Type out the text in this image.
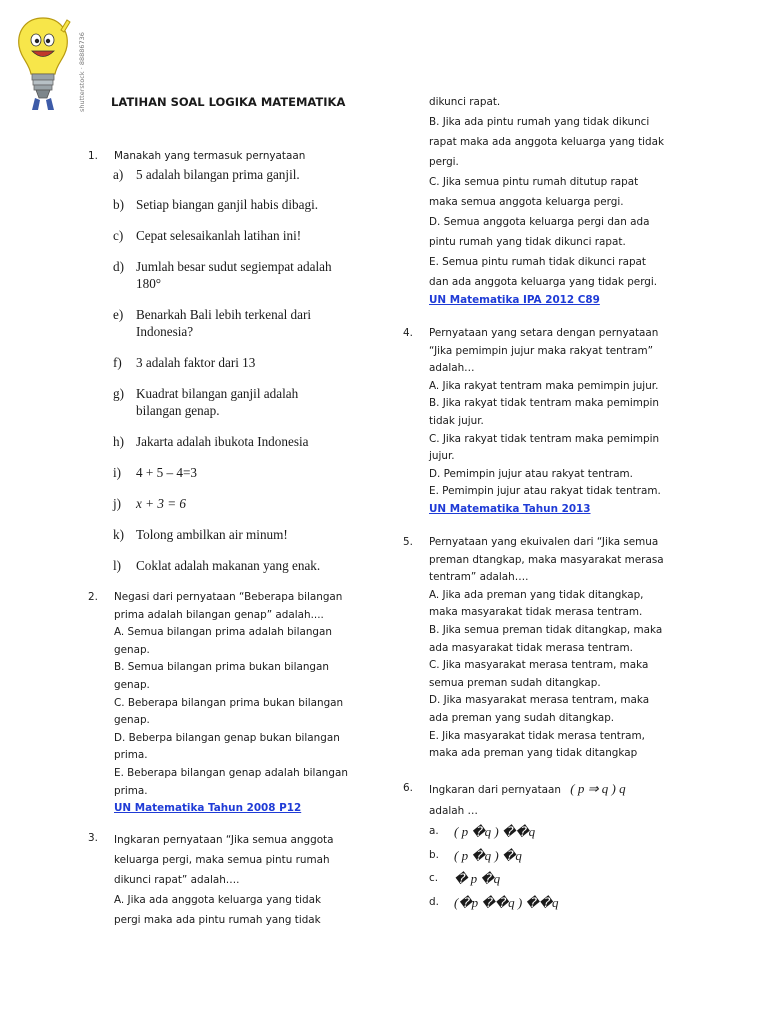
shutterstock · 88886736 LATIHAN SOAL LOGIKA MATEMATIKA
1. Manakah yang termasuk pernyataan
a) 5 adalah bilangan prima ganjil.
b) Setiap biangan ganjil habis dibagi.
c) Cepat selesaikanlah latihan ini!
d) Jumlah besar sudut segiempat adalah
180°
e) Benarkah Bali lebih terkenal dari
Indonesia?
f) 3 adalah faktor dari 13
g) Kuadrat bilangan ganjil adalah
bilangan genap.
h) Jakarta adalah ibukota Indonesia
i) 4 + 5 – 4=3
j) x + 3 = 6
k) Tolong ambilkan air minum!
l) Coklat adalah makanan yang enak.
2. Negasi dari pernyataan “Beberapa bilangan
prima adalah bilangan genap” adalah....
A. Semua bilangan prima adalah bilangan
genap.
B. Semua bilangan prima bukan bilangan
genap.
C. Beberapa bilangan prima bukan bilangan
genap.
D. Beberpa bilangan genap bukan bilangan
prima.
E. Beberapa bilangan genap adalah bilangan
prima.
UN Matematika Tahun 2008 P12
3. Ingkaran pernyataan “Jika semua anggota
keluarga pergi, maka semua pintu rumah
dikunci rapat” adalah….
A. Jika ada anggota keluarga yang tidak
pergi maka ada pintu rumah yang tidak
dikunci rapat.
B. Jika ada pintu rumah yang tidak dikunci
rapat maka ada anggota keluarga yang tidak
pergi.
C. Jika semua pintu rumah ditutup rapat
maka semua anggota keluarga pergi.
D. Semua anggota keluarga pergi dan ada
pintu rumah yang tidak dikunci rapat.
E. Semua pintu rumah tidak dikunci rapat
dan ada anggota keluarga yang tidak pergi.
UN Matematika IPA 2012 C89
4. Pernyataan yang setara dengan pernyataan
“Jika pemimpin jujur maka rakyat tentram”
adalah…
A. Jika rakyat tentram maka pemimpin jujur.
B. Jika rakyat tidak tentram maka pemimpin
tidak jujur.
C. Jika rakyat tidak tentram maka pemimpin
jujur.
D. Pemimpin jujur atau rakyat tentram.
E. Pemimpin jujur atau rakyat tidak tentram.
UN Matematika Tahun 2013
5. Pernyataan yang ekuivalen dari “Jika semua
preman dtangkap, maka masyarakat merasa
tentram” adalah….
A. Jika ada preman yang tidak ditangkap,
maka masyarakat tidak merasa tentram.
B. Jika semua preman tidak ditangkap, maka
ada masyarakat tidak merasa tentram.
C. Jika masyarakat merasa tentram, maka
semua preman sudah ditangkap.
D. Jika masyarakat merasa tentram, maka
ada preman yang sudah ditangkap.
E. Jika masyarakat tidak merasa tentram,
maka ada preman yang tidak ditangkap
6. Ingkaran dari pernyataan ( p ⇒ q ) q
adalah …
a.	( p �q ) ��q
b.	( p �q ) �q
c.	� p �q
d.	(�p ��q ) ��q
